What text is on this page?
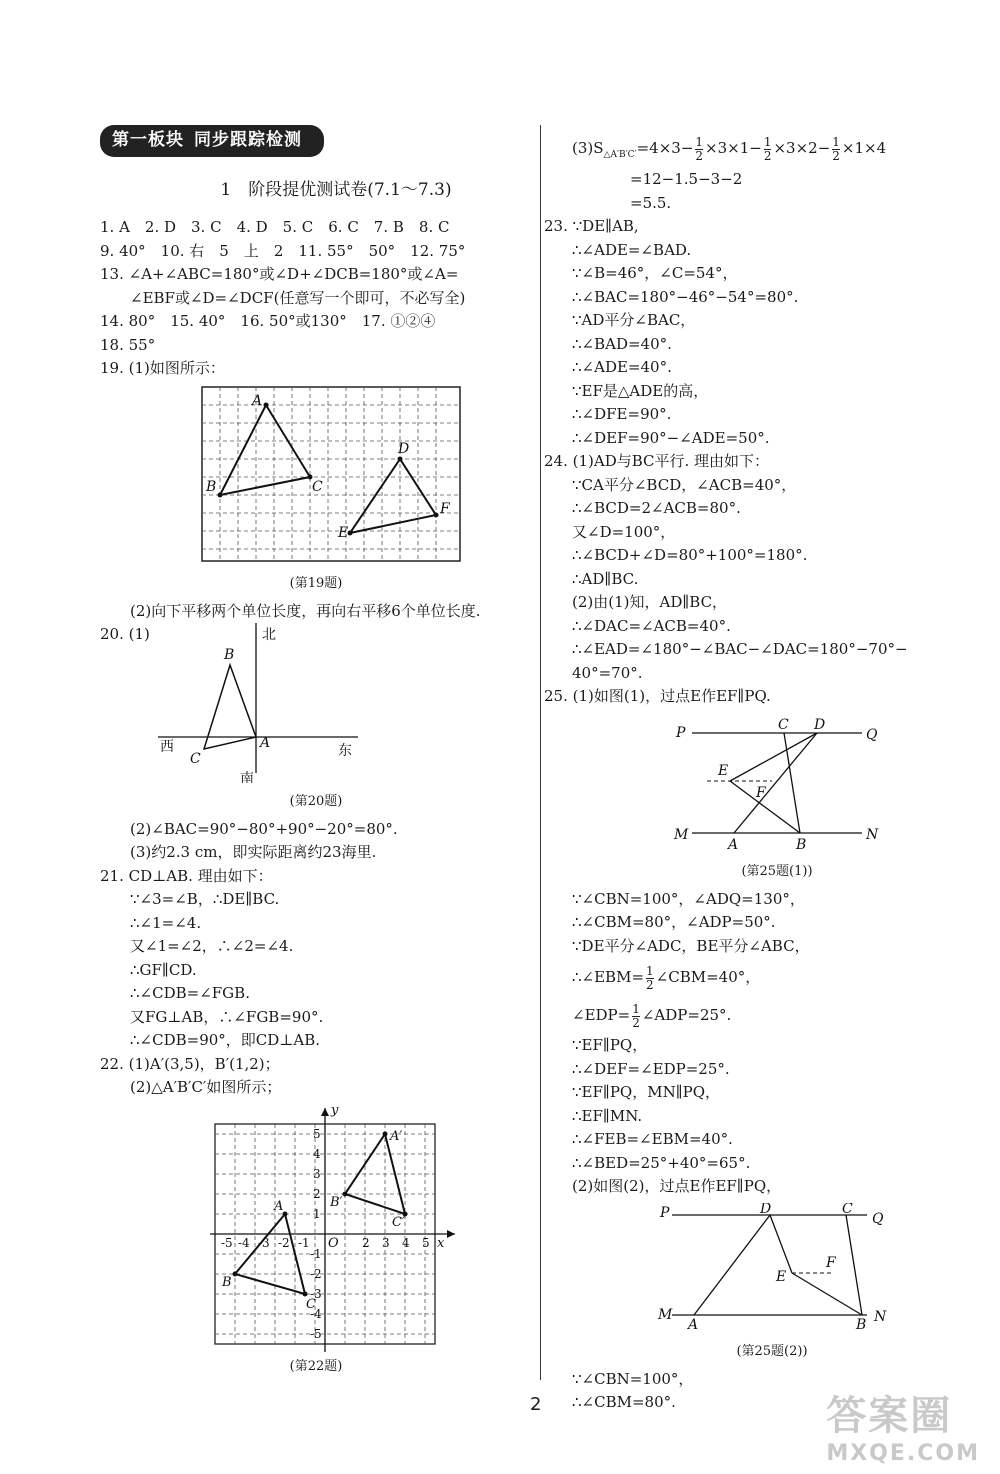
第一板块 同步跟踪检测
1　阶段提优测试卷(7.1～7.3)
1. A　2. D　3. C　4. D　5. C　6. C　7. B　8. C
9. 40°　10. 右　5　上　2　11. 55°　50°　12. 75°
13. ∠A+∠ABC=180°或∠D+∠DCB=180°或∠A=
∠EBF或∠D=∠DCF(任意写一个即可，不必写全)
14. 80°　15. 40°　16. 50°或130°　17. ①②④
18. 55°
19. (1)如图所示：
A
B	C
D
E
F
(第19题)
(2)向下平移两个单位长度，再向右平移6个单位长度.
20. (1)	北
南
西	东
A
B
C
(第20题)
(2)∠BAC=90°−80°+90°−20°=80°.
(3)约2.3 cm，即实际距离约23海里.
21. CD⊥AB. 理由如下：
∵∠3=∠B，∴DE∥BC.
∴∠1=∠4.
又∠1=∠2，∴∠2=∠4.
∴GF∥CD.
∴∠CDB=∠FGB.
又FG⊥AB，∴∠FGB=90°.
∴∠CDB=90°，即CD⊥AB.
22. (1)A′(3,5)，B′(1,2)；
(2)△A′B′C′如图所示；
-5 -4 -3 -2 -1	2 3 4 5
5
4
3
2
1
-1
-2
-3
-4
-5
y
x
O
A
B
C
A′
B′
C′
(第22题)
$(3)S_{\triangle A'B'C'}=4\times 3- \frac{1}{2} \times 3\times 1- \frac{1}{2} \times 3\times 2- \frac{1}{2} \times 1\times 4$
=12−1.5−3−2
=5.5.
23. ∵DE∥AB,
∴∠ADE=∠BAD.
∵∠B=46°，∠C=54°，
∴∠BAC=180°−46°−54°=80°.
∵AD平分∠BAC，
∴∠BAD=40°.
∴∠ADE=40°.
∵EF是△ADE的高，
∴∠DFE=90°.
∴∠DEF=90°−∠ADE=50°.
24. (1)AD与BC平行. 理由如下：
∵CA平分∠BCD，∠ACB=40°，
∴∠BCD=2∠ACB=80°.
又∠D=100°，
∴∠BCD+∠D=80°+100°=180°.
∴AD∥BC.
(2)由(1)知，AD∥BC，
∴∠DAC=∠ACB=40°.
∴∠EAD=∠180°−∠BAC−∠DAC=180°−70°−
40°=70°.
25. (1)如图(1)，过点E作EF∥PQ.
P	Q
C D
E
F
M	N
A	B
(第25题(1))
∵∠CBN=100°，∠ADQ=130°，
∴∠CBM=80°，∠ADP=50°.
∵DE平分∠ADC，BE平分∠ABC，
∴∠EBM= $\frac{1}{2}$ ∠CBM=40°，
∠EDP= $\frac{1}{2}$ ∠ADP=25°.
∵EF∥PQ，
∴∠DEF=∠EDP=25°.
∵EF∥PQ，MN∥PQ，
∴EF∥MN.
∴∠FEB=∠EBM=40°.
∴∠BED=25°+40°=65°.
(2)如图(2)，过点E作EF∥PQ，
P	Q
D	C
E
F
M
A	B N
(第25题(2))
∵∠CBN=100°，
∴∠CBM=80°.
2	答案圈
MXQE.COM
